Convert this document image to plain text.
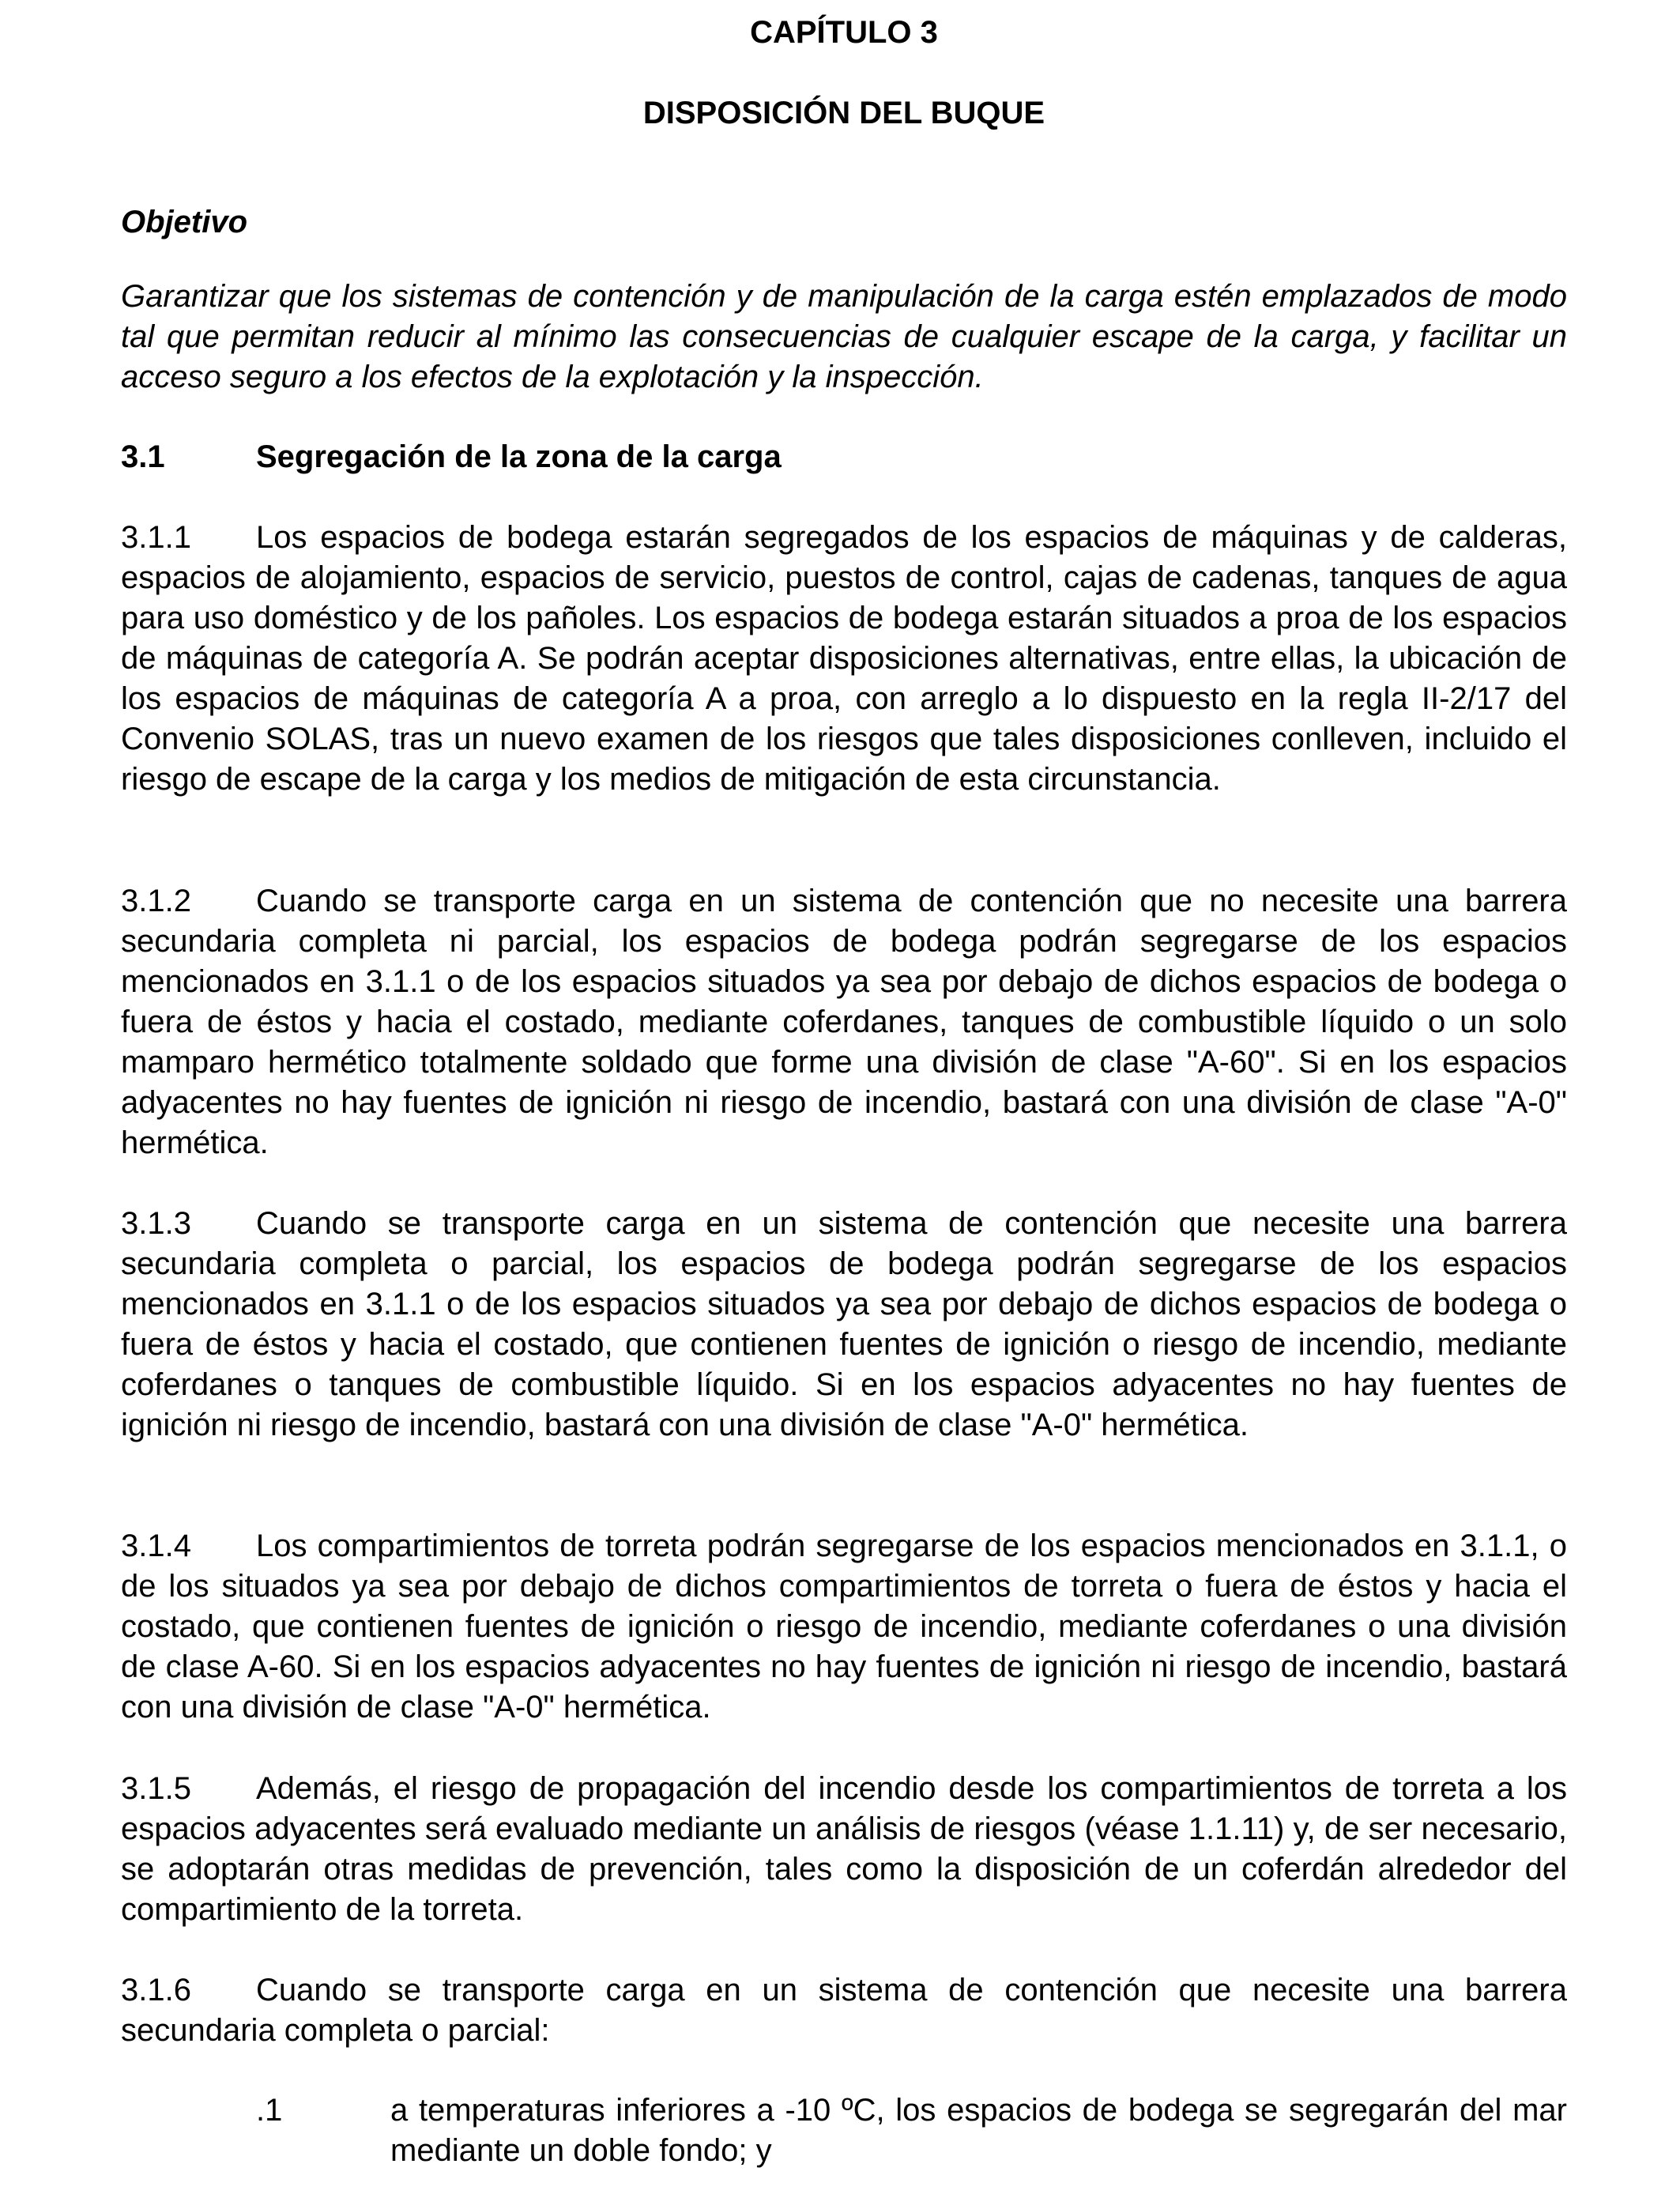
CAPÍTULO 3

DISPOSICIÓN DEL BUQUE

Objetivo

Garantizar que los sistemas de contención y de manipulación de la carga estén emplazados de modo tal que permitan reducir al mínimo las consecuencias de cualquier escape de la carga, y facilitar un acceso seguro a los efectos de la explotación y la inspección.

3.1	Segregación de la zona de la carga

3.1.1 Los espacios de bodega estarán segregados de los espacios de máquinas y de calderas, espacios de alojamiento, espacios de servicio, puestos de control, cajas de cadenas, tanques de agua para uso doméstico y de los pañoles. Los espacios de bodega estarán situados a proa de los espacios de máquinas de categoría A. Se podrán aceptar disposiciones alternativas, entre ellas, la ubicación de los espacios de máquinas de categoría A a proa, con arreglo a lo dispuesto en la regla II-2/17 del Convenio SOLAS, tras un nuevo examen de los riesgos que tales disposiciones conlleven, incluido el riesgo de escape de la carga y los medios de mitigación de esta circunstancia.

3.1.2 Cuando se transporte carga en un sistema de contención que no necesite una barrera secundaria completa ni parcial, los espacios de bodega podrán segregarse de los espacios mencionados en 3.1.1 o de los espacios situados ya sea por debajo de dichos espacios de bodega o fuera de éstos y hacia el costado, mediante coferdanes, tanques de combustible líquido o un solo mamparo hermético totalmente soldado que forme una división de clase "A-60". Si en los espacios adyacentes no hay fuentes de ignición ni riesgo de incendio, bastará con una división de clase "A-0" hermética.

3.1.3 Cuando se transporte carga en un sistema de contención que necesite una barrera secundaria completa o parcial, los espacios de bodega podrán segregarse de los espacios mencionados en 3.1.1 o de los espacios situados ya sea por debajo de dichos espacios de bodega o fuera de éstos y hacia el costado, que contienen fuentes de ignición o riesgo de incendio, mediante coferdanes o tanques de combustible líquido. Si en los espacios adyacentes no hay fuentes de ignición ni riesgo de incendio, bastará con una división de clase "A-0" hermética.

3.1.4 Los compartimientos de torreta podrán segregarse de los espacios mencionados en 3.1.1, o de los situados ya sea por debajo de dichos compartimientos de torreta o fuera de éstos y hacia el costado, que contienen fuentes de ignición o riesgo de incendio, mediante coferdanes o una división de clase A-60. Si en los espacios adyacentes no hay fuentes de ignición ni riesgo de incendio, bastará con una división de clase "A-0" hermética.

3.1.5 Además, el riesgo de propagación del incendio desde los compartimientos de torreta a los espacios adyacentes será evaluado mediante un análisis de riesgos (véase 1.1.11) y, de ser necesario, se adoptarán otras medidas de prevención, tales como la disposición de un coferdán alrededor del compartimiento de la torreta.

3.1.6 Cuando se transporte carga en un sistema de contención que necesite una barrera secundaria completa o parcial:

.1	a temperaturas inferiores a -10 ºC, los espacios de bodega se segregarán del mar mediante un doble fondo; y
